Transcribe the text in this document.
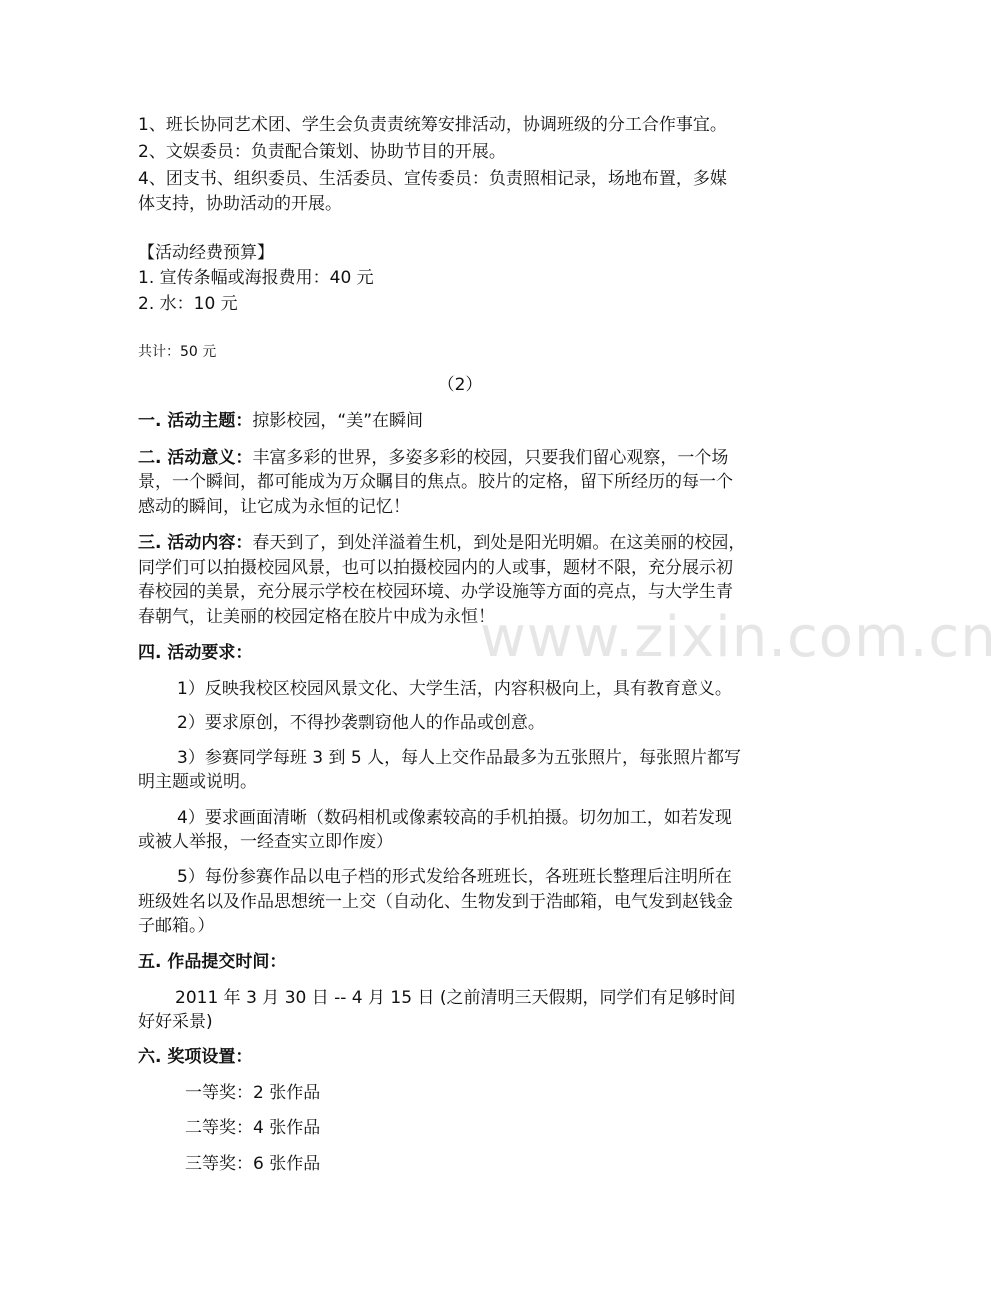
www.zixin.com.cn
1、班长协同艺术团、学生会负责责统筹安排活动，协调班级的分工合作事宜。
2、文娱委员：负责配合策划、协助节目的开展。
4、团支书、组织委员、生活委员、宣传委员：负责照相记录，场地布置，多媒
体支持，协助活动的开展。
【活动经费预算】
1. 宣传条幅或海报费用：40 元
2. 水：10 元
共计：50 元
（2）
一. 活动主题：掠影校园，“美”在瞬间
二. 活动意义：丰富多彩的世界，多姿多彩的校园，只要我们留心观察，一个场
景，一个瞬间，都可能成为万众瞩目的焦点。胶片的定格，留下所经历的每一个
感动的瞬间，让它成为永恒的记忆！
三. 活动内容：春天到了，到处洋溢着生机，到处是阳光明媚。在这美丽的校园，
同学们可以拍摄校园风景，也可以拍摄校园内的人或事，题材不限，充分展示初
春校园的美景，充分展示学校在校园环境、办学设施等方面的亮点，与大学生青
春朝气，让美丽的校园定格在胶片中成为永恒！
四. 活动要求：
1）反映我校区校园风景文化、大学生活，内容积极向上，具有教育意义。
2）要求原创，不得抄袭剽窃他人的作品或创意。
3）参赛同学每班 3 到 5 人，每人上交作品最多为五张照片，每张照片都写
明主题或说明。
4）要求画面清晰（数码相机或像素较高的手机拍摄。切勿加工，如若发现
或被人举报，一经查实立即作废）
5）每份参赛作品以电子档的形式发给各班班长，各班班长整理后注明所在
班级姓名以及作品思想统一上交（自动化、生物发到于浩邮箱，电气发到赵钱金
子邮箱。）
五. 作品提交时间：
2011 年 3 月 30 日 -- 4 月 15 日 (之前清明三天假期，同学们有足够时间
好好采景)
六. 奖项设置：
一等奖：2 张作品
二等奖：4 张作品
三等奖：6 张作品
